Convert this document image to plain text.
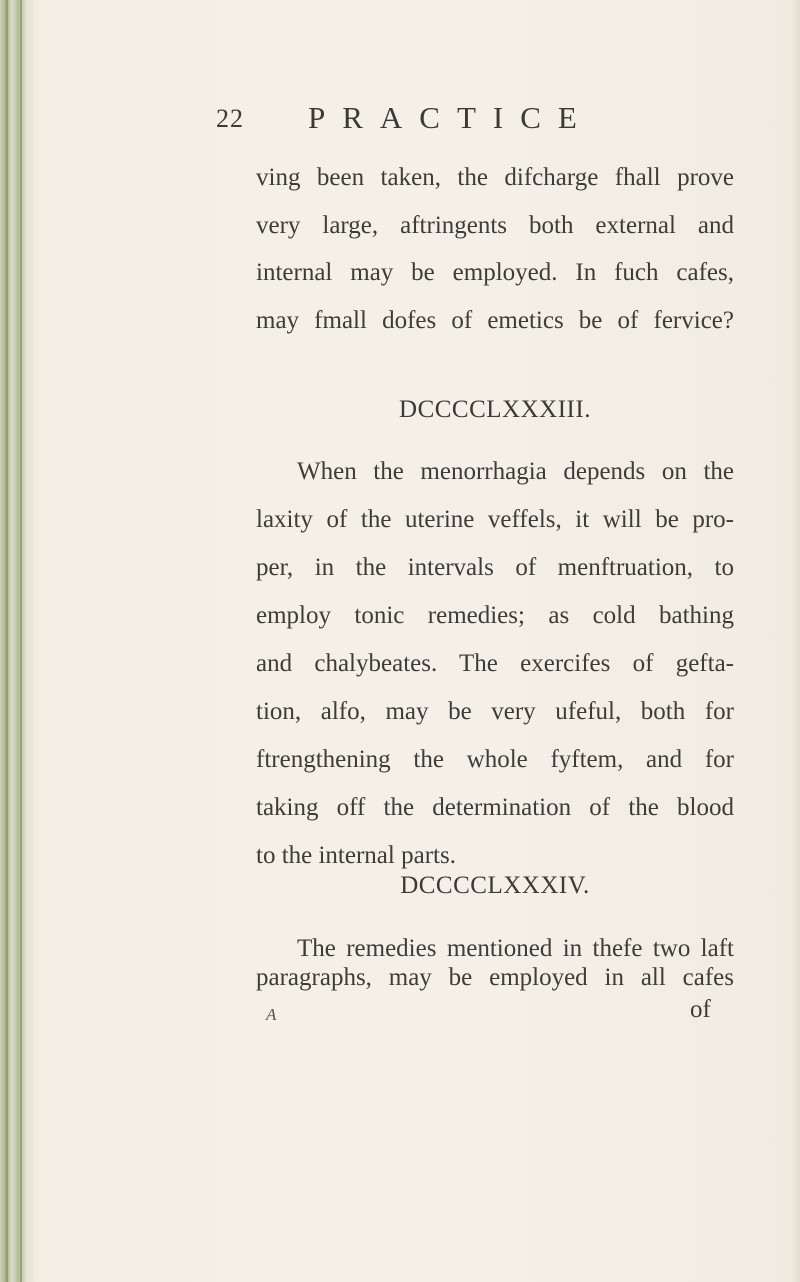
22 PRACTICE
ving been taken, the difcharge fhall prove
very large, aftringents both external and
internal may be employed. In fuch cafes,
may fmall dofes of emetics be of fervice?
DCCCCLXXXIII.
When the menorrhagia depends on the
laxity of the uterine veffels, it will be pro-
per, in the intervals of menftruation, to
employ tonic remedies; as cold bathing
and chalybeates. The exercifes of gefta-
tion, alfo, may be very ufeful, both for
ftrengthening the whole fyftem, and for
taking off the determination of the blood
to the internal parts.
DCCCCLXXXIV.
The remedies mentioned in thefe two laft
paragraphs, may be employed in all cafes
A	of
